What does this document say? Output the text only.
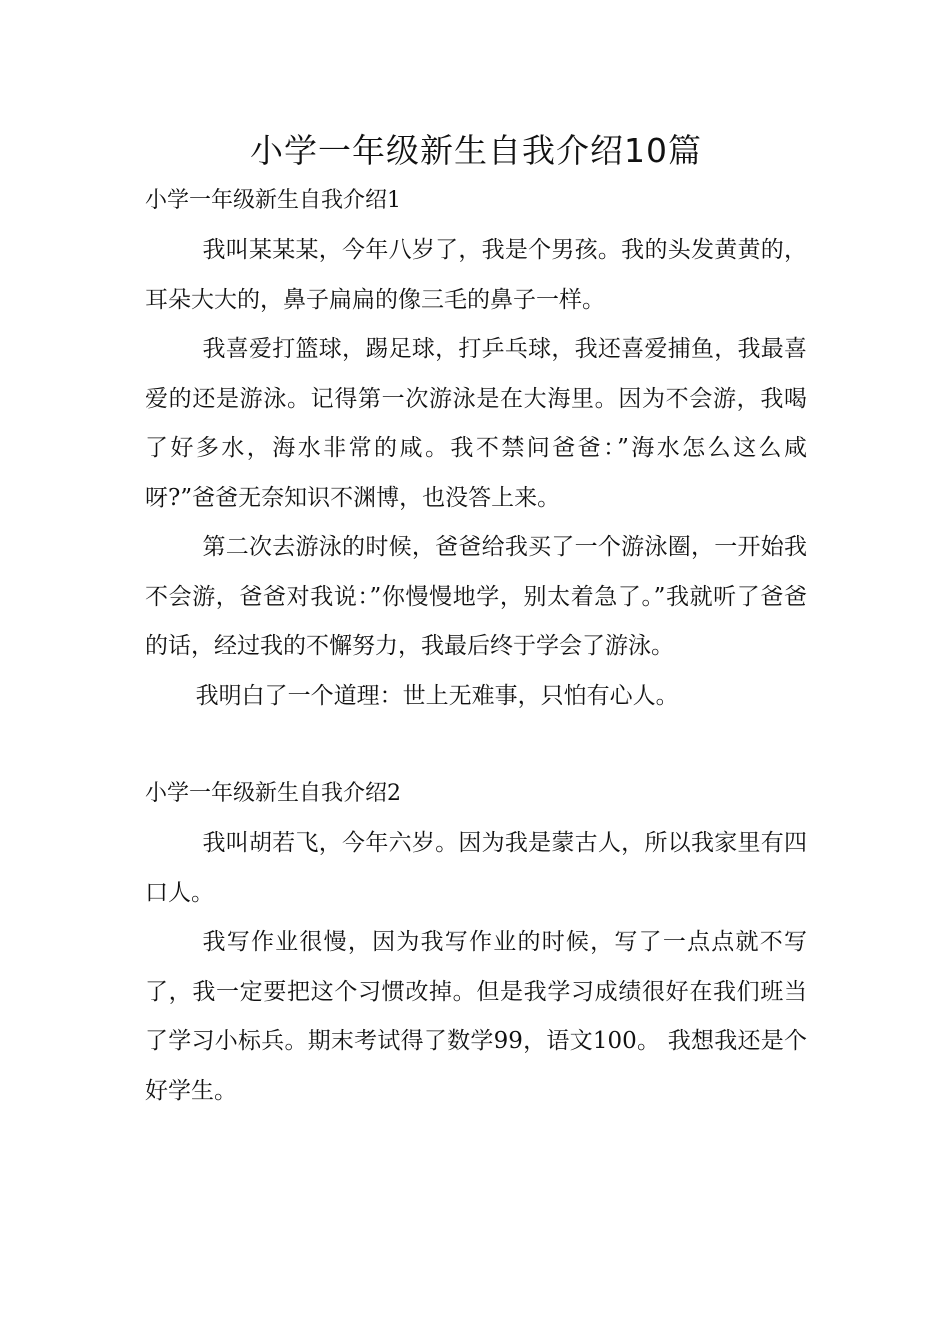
小学一年级新生自我介绍10篇

小学一年级新生自我介绍1

我叫某某某，今年八岁了，我是个男孩。我的头发黄黄的，耳朵大大的，鼻子扁扁的像三毛的鼻子一样。

我喜爱打篮球，踢足球，打乒乓球，我还喜爱捕鱼，我最喜爱的还是游泳。记得第一次游泳是在大海里。因为不会游，我喝了好多水，海水非常的咸。我不禁问爸爸：”海水怎么这么咸呀?”爸爸无奈知识不渊博，也没答上来。

第二次去游泳的时候，爸爸给我买了一个游泳圈，一开始我不会游，爸爸对我说：”你慢慢地学，别太着急了。”我就听了爸爸的话，经过我的不懈努力，我最后终于学会了游泳。

我明白了一个道理：世上无难事，只怕有心人。

小学一年级新生自我介绍2

我叫胡若飞，今年六岁。因为我是蒙古人，所以我家里有四口人。

我写作业很慢，因为我写作业的时候，写了一点点就不写了，我一定要把这个习惯改掉。但是我学习成绩很好在我们班当了学习小标兵。期末考试得了数学99，语文100。 我想我还是个好学生。
